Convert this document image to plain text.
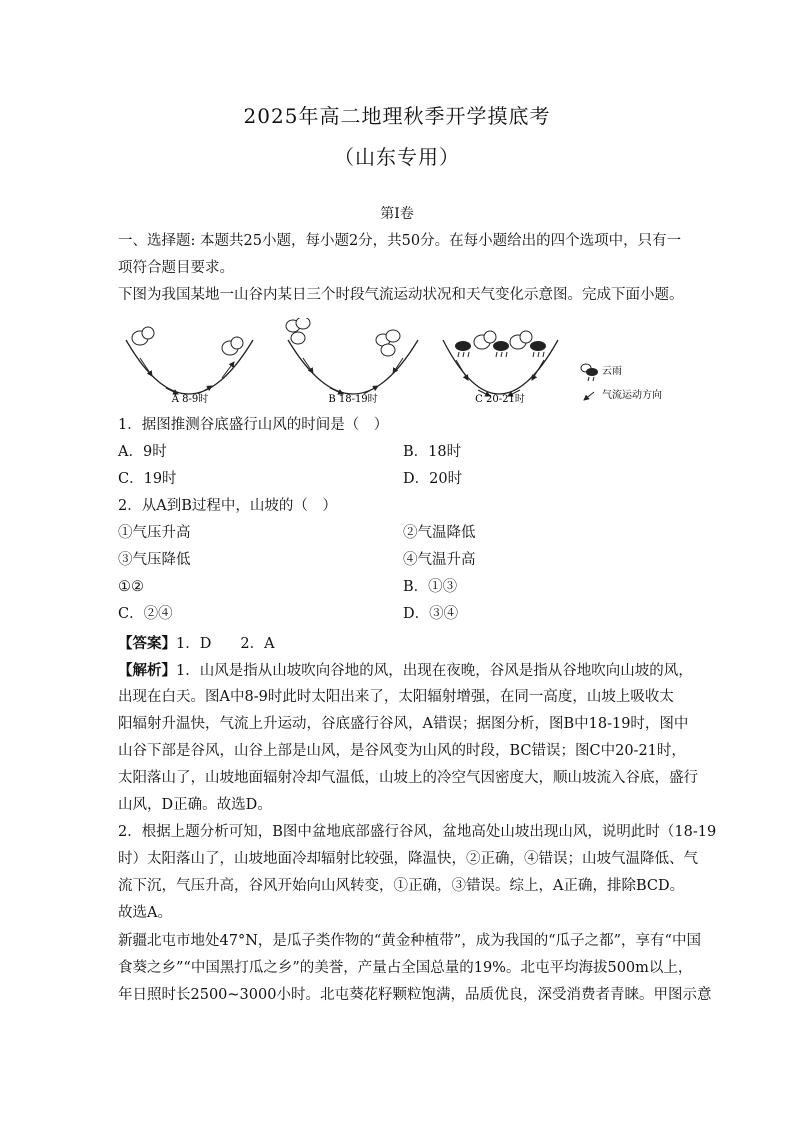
2025年高二地理秋季开学摸底考
（山东专用）
第I卷
一、选择题: 本题共25小题，每小题2分，共50分。在每小题给出的四个选项中，只有一
项符合题目要求。
下图为我国某地一山谷内某日三个时段气流运动状况和天气变化示意图。完成下面小题。
A 8-9时	B 18-19时	C 20-21时
云雨
气流运动方向
1．据图推测谷底盛行山风的时间是（　）
A．9时	B．18时
C．19时	D．20时
2．从A到B过程中，山坡的（　）
①气压升高	②气温降低
③气压降低	④气温升高
①②	B．①③
C．②④	D．③④
【答案】1．D　　2．A
【解析】1．山风是指从山坡吹向谷地的风，出现在夜晚，谷风是指从谷地吹向山坡的风，
出现在白天。图A中8-9时此时太阳出来了，太阳辐射增强，在同一高度，山坡上吸收太
阳辐射升温快，气流上升运动，谷底盛行谷风，A错误；据图分析，图B中18-19时，图中
山谷下部是谷风，山谷上部是山风，是谷风变为山风的时段，BC错误；图C中20-21时，
太阳落山了，山坡地面辐射冷却气温低，山坡上的冷空气因密度大，顺山坡流入谷底，盛行
山风，D正确。故选D。
2．根据上题分析可知，B图中盆地底部盛行谷风，盆地高处山坡出现山风，说明此时（18-19
时）太阳落山了，山坡地面冷却辐射比较强，降温快，②正确，④错误；山坡气温降低、气
流下沉，气压升高，谷风开始向山风转变，①正确，③错误。综上，A正确，排除BCD。
故选A。
新疆北屯市地处47°N，是瓜子类作物的“黄金种植带”，成为我国的“瓜子之都”，享有“中国
食葵之乡”“中国黑打瓜之乡”的美誉，产量占全国总量的19%。北屯平均海拔500m以上，
年日照时长2500~3000小时。北屯葵花籽颗粒饱满，品质优良，深受消费者青睐。甲图示意
